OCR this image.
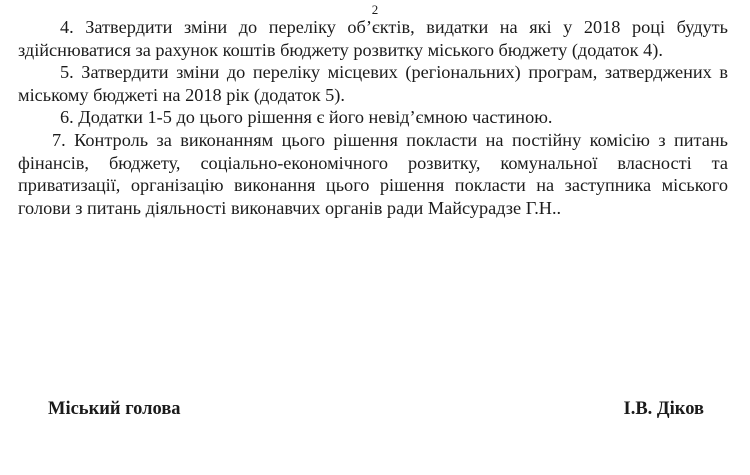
2

4. Затвердити зміни до переліку об’єктів, видатки на які у 2018 році будуть здійснюватися за рахунок коштів бюджету розвитку міського бюджету (додаток 4).

5. Затвердити зміни до переліку місцевих (регіональних) програм, затверджених в міському бюджеті на 2018 рік (додаток 5).

6. Додатки 1-5 до цього рішення є його невід’ємною частиною.

7. Контроль за виконанням цього рішення покласти на постійну комісію з питань фінансів, бюджету, соціально-економічного розвитку, комунальної власності та приватизації, організацію виконання цього рішення покласти на заступника міського голови з питань діяльності виконавчих органів ради Майсурадзе Г.Н..

Міський голова	І.В. Діков
